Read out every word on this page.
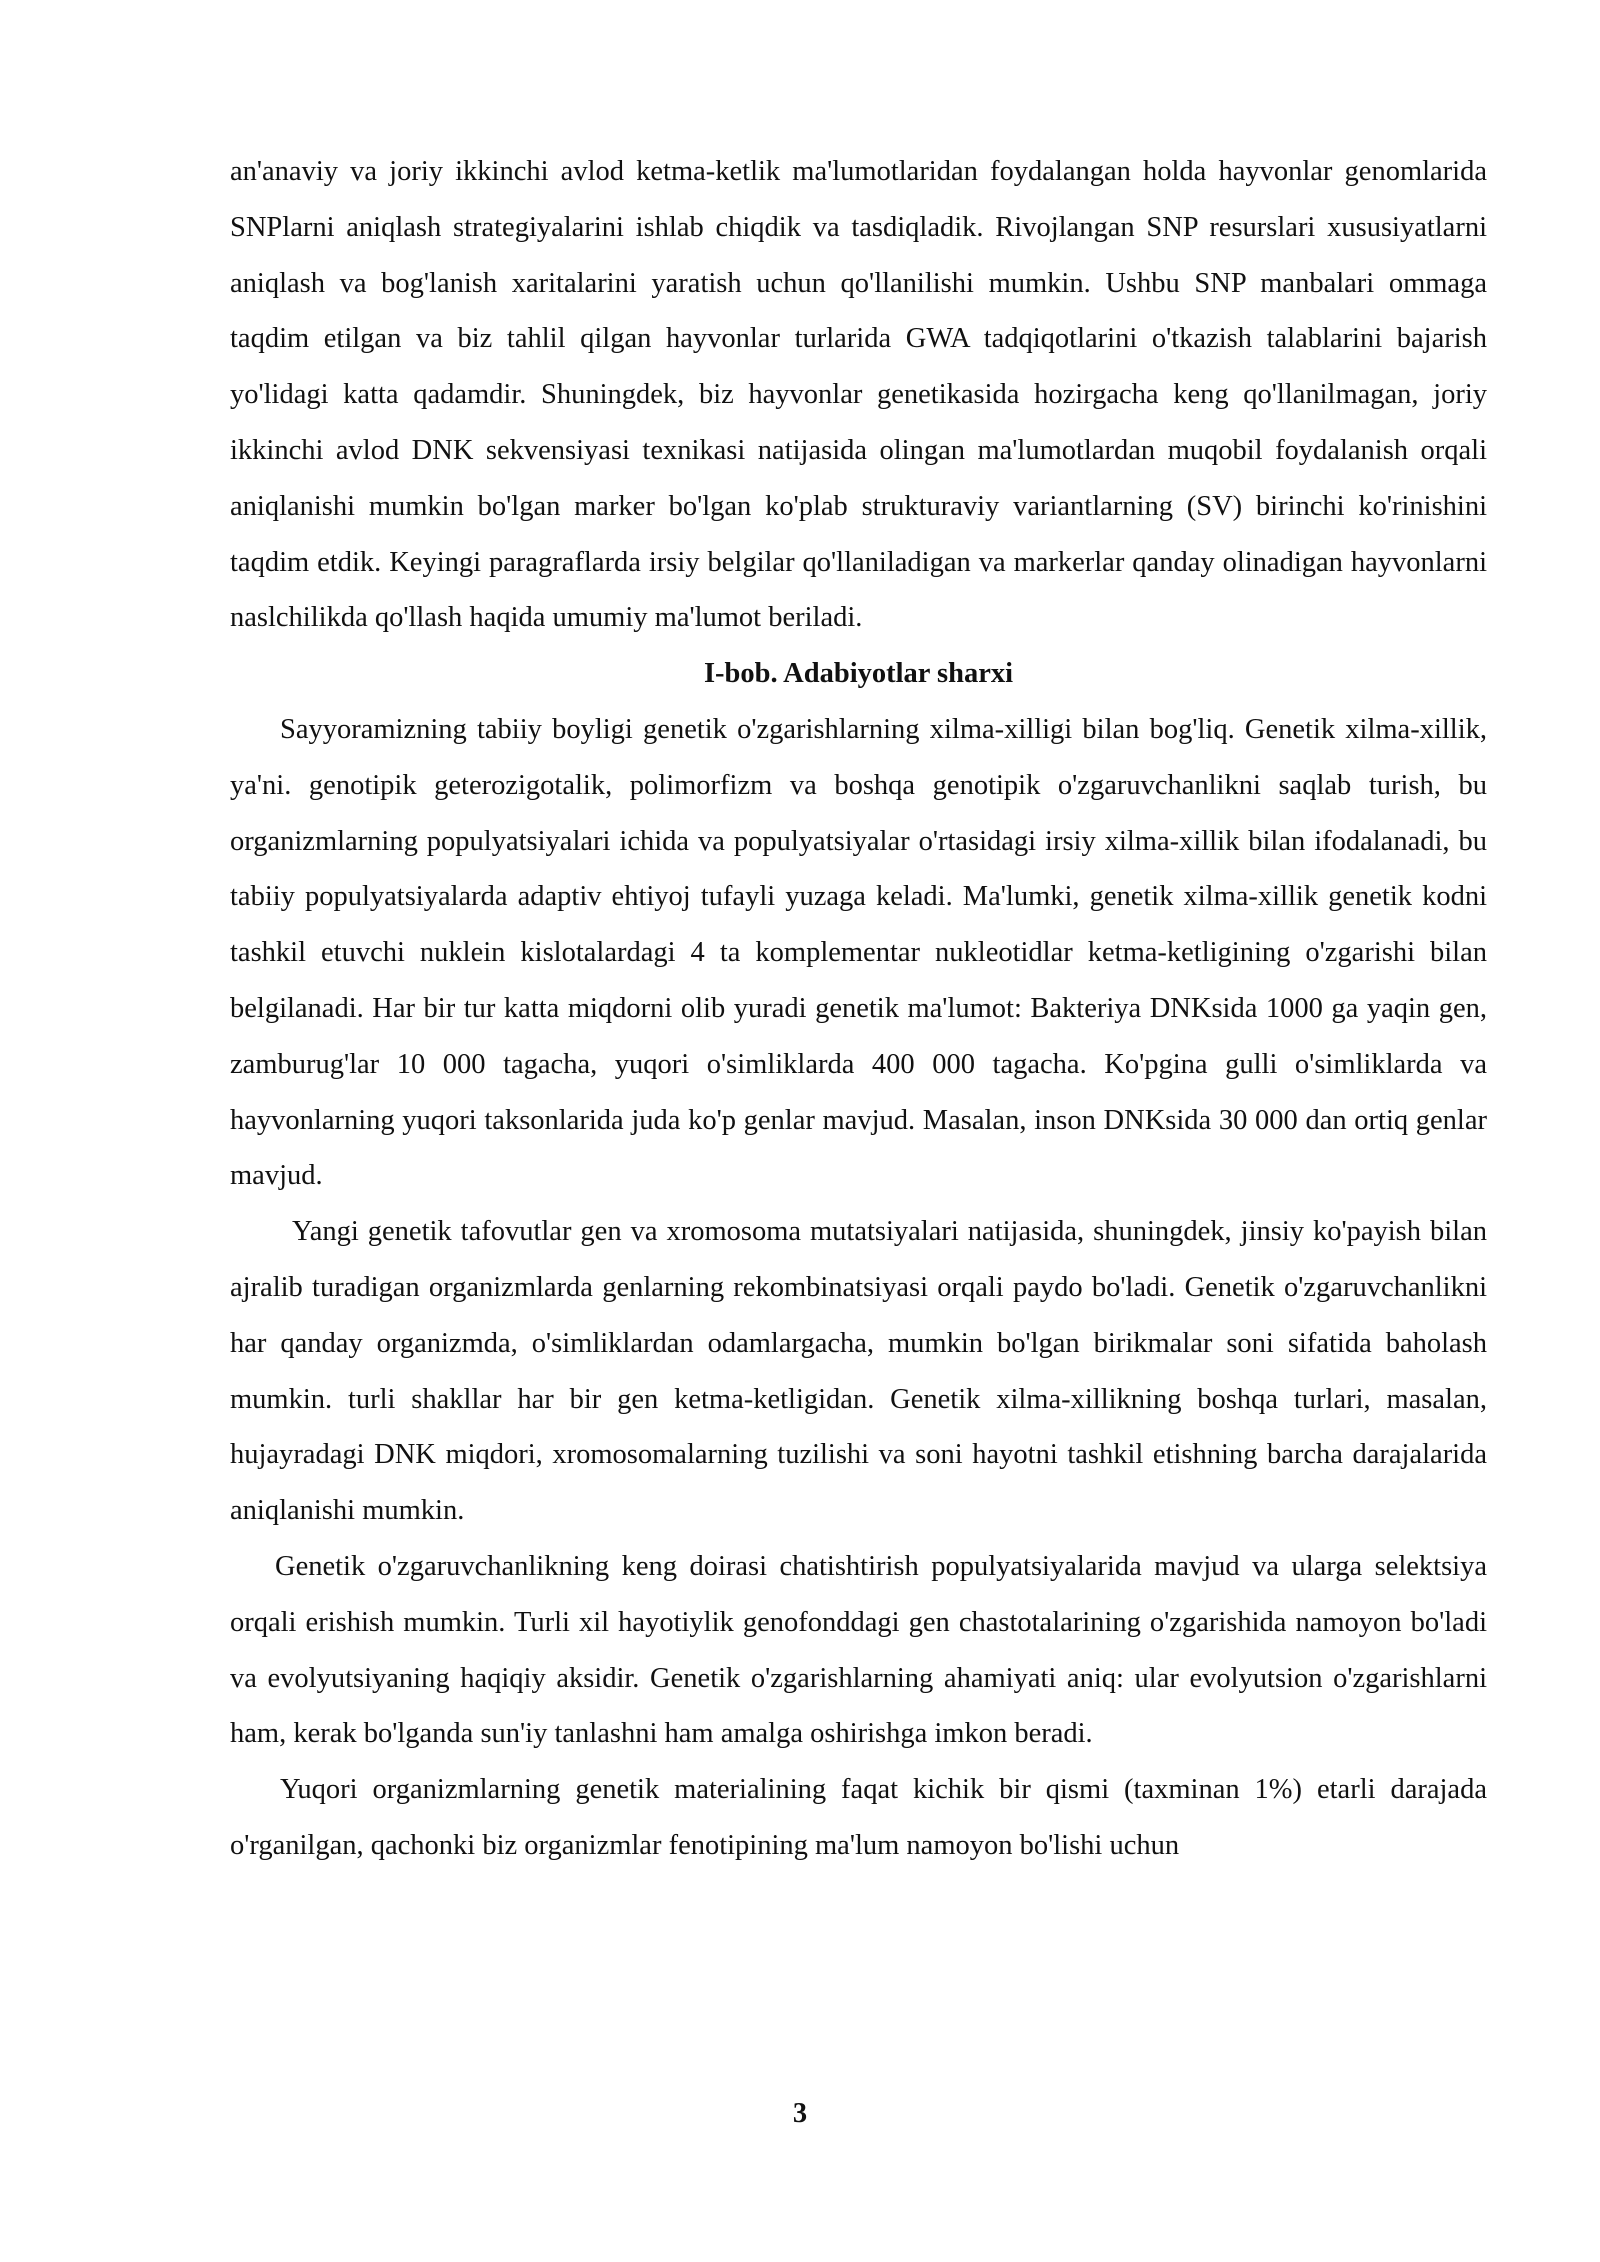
an'anaviy va joriy ikkinchi avlod ketma-ketlik ma'lumotlaridan foydalangan holda hayvonlar genomlarida SNPlarni aniqlash strategiyalarini ishlab chiqdik va tasdiqladik. Rivojlangan SNP resurslari xususiyatlarni aniqlash va bog'lanish xaritalarini yaratish uchun qo'llanilishi mumkin. Ushbu SNP manbalari ommaga taqdim etilgan va biz tahlil qilgan hayvonlar turlarida GWA tadqiqotlarini o'tkazish talablarini bajarish yo'lidagi katta qadamdir. Shuningdek, biz hayvonlar genetikasida hozirgacha keng qo'llanilmagan, joriy ikkinchi avlod DNK sekvensiyasi texnikasi natijasida olingan ma'lumotlardan muqobil foydalanish orqali aniqlanishi mumkin bo'lgan marker bo'lgan ko'plab strukturaviy variantlarning (SV) birinchi ko'rinishini taqdim etdik. Keyingi paragraflarda irsiy belgilar qo'llaniladigan va markerlar qanday olinadigan hayvonlarni naslchilikda qo'llash haqida umumiy ma'lumot beriladi.

I-bob. Adabiyotlar sharxi

Sayyoramizning tabiiy boyligi genetik o'zgarishlarning xilma-xilligi bilan bog'liq. Genetik xilma-xillik, ya'ni. genotipik geterozigotalik, polimorfizm va boshqa genotipik o'zgaruvchanlikni saqlab turish, bu organizmlarning populyatsiyalari ichida va populyatsiyalar o'rtasidagi irsiy xilma-xillik bilan ifodalanadi, bu tabiiy populyatsiyalarda adaptiv ehtiyoj tufayli yuzaga keladi. Ma'lumki, genetik xilma-xillik genetik kodni tashkil etuvchi nuklein kislotalardagi 4 ta komplementar nukleotidlar ketma-ketligining o'zgarishi bilan belgilanadi. Har bir tur katta miqdorni olib yuradi genetik ma'lumot: Bakteriya DNKsida 1000 ga yaqin gen, zamburug'lar 10 000 tagacha, yuqori o'simliklarda 400 000 tagacha. Ko'pgina gulli o'simliklarda va hayvonlarning yuqori taksonlarida juda ko'p genlar mavjud. Masalan, inson DNKsida 30 000 dan ortiq genlar mavjud.

Yangi genetik tafovutlar gen va xromosoma mutatsiyalari natijasida, shuningdek, jinsiy ko'payish bilan ajralib turadigan organizmlarda genlarning rekombinatsiyasi orqali paydo bo'ladi. Genetik o'zgaruvchanlikni har qanday organizmda, o'simliklardan odamlargacha, mumkin bo'lgan birikmalar soni sifatida baholash mumkin. turli shakllar har bir gen ketma-ketligidan. Genetik xilma-xillikning boshqa turlari, masalan, hujayradagi DNK miqdori, xromosomalarning tuzilishi va soni hayotni tashkil etishning barcha darajalarida aniqlanishi mumkin.

Genetik o'zgaruvchanlikning keng doirasi chatishtirish populyatsiyalarida mavjud va ularga selektsiya orqali erishish mumkin. Turli xil hayotiylik genofonddagi gen chastotalarining o'zgarishida namoyon bo'ladi va evolyutsiyaning haqiqiy aksidir. Genetik o'zgarishlarning ahamiyati aniq: ular evolyutsion o'zgarishlarni ham, kerak bo'lganda sun'iy tanlashni ham amalga oshirishga imkon beradi.

Yuqori organizmlarning genetik materialining faqat kichik bir qismi (taxminan 1%) etarli darajada o'rganilgan, qachonki biz organizmlar fenotipining ma'lum namoyon bo'lishi uchun

3
